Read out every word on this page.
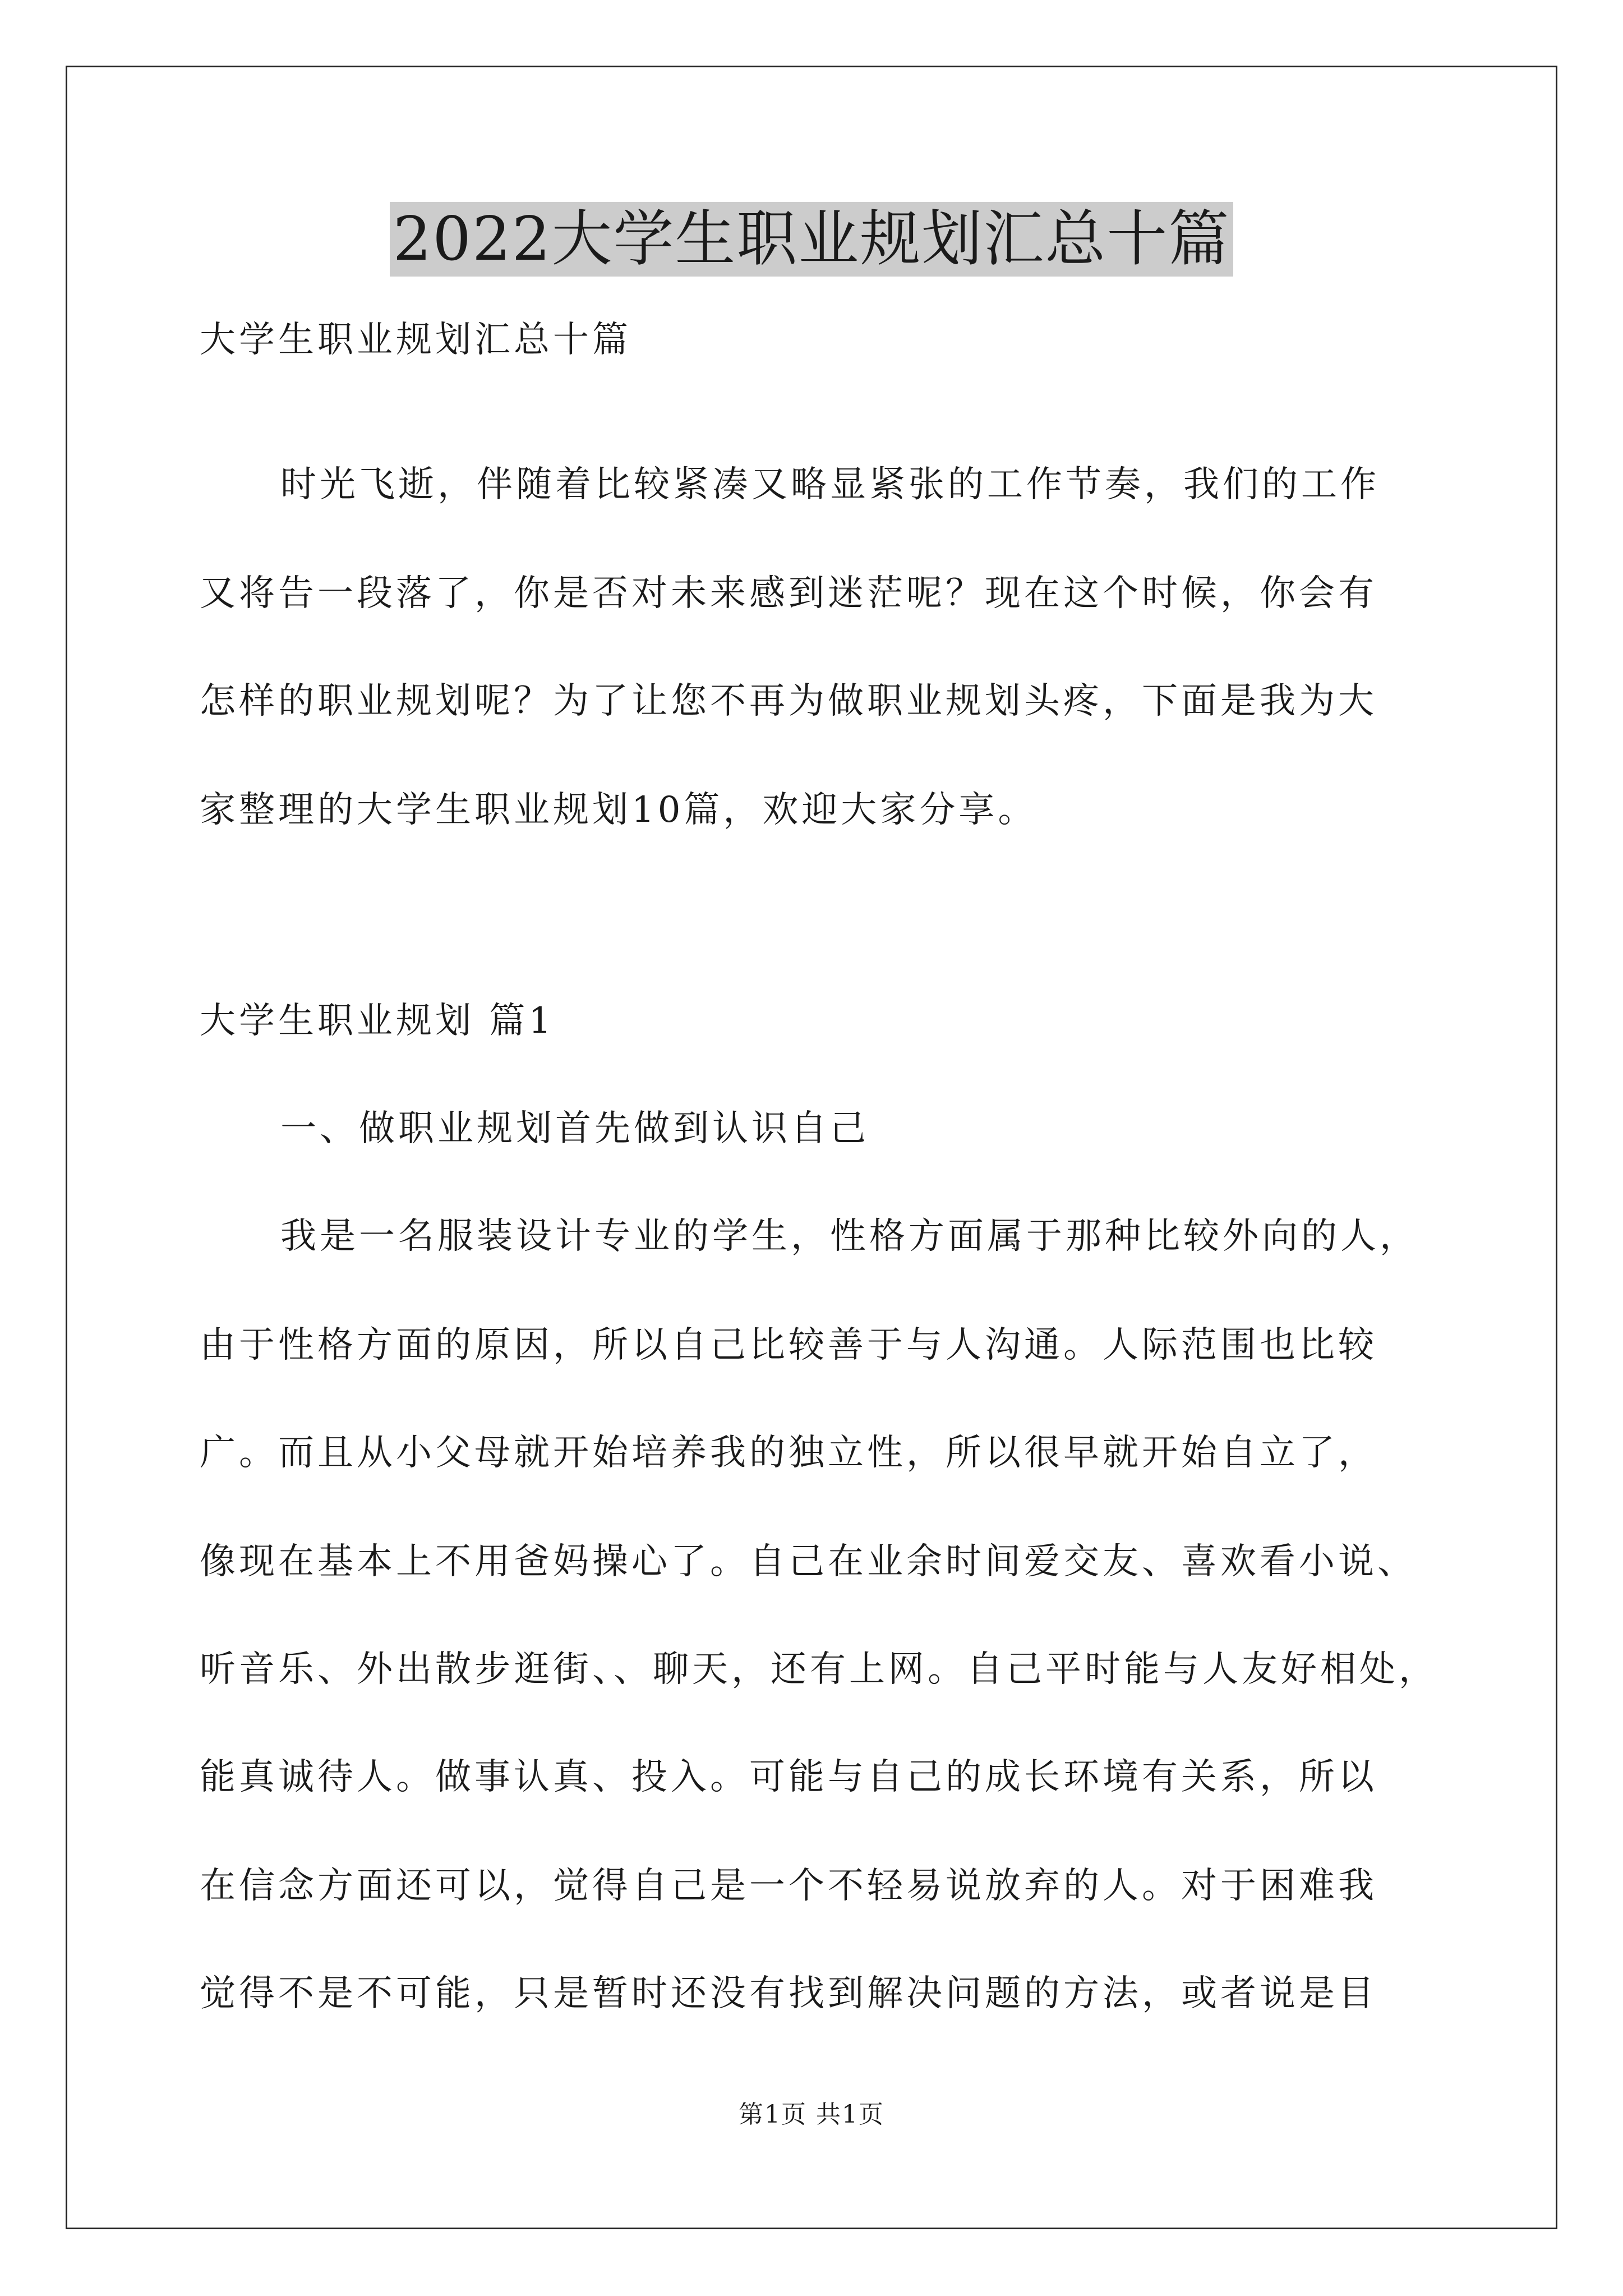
2022大学生职业规划汇总十篇
大学生职业规划汇总十篇
时光飞逝，伴随着比较紧凑又略显紧张的工作节奏，我们的工作
又将告一段落了，你是否对未来感到迷茫呢？现在这个时候，你会有
怎样的职业规划呢？为了让您不再为做职业规划头疼，下面是我为大
家整理的大学生职业规划10篇，欢迎大家分享。
大学生职业规划 篇1
一、做职业规划首先做到认识自己
我是一名服装设计专业的学生，性格方面属于那种比较外向的人，
由于性格方面的原因，所以自己比较善于与人沟通。人际范围也比较
广。而且从小父母就开始培养我的独立性，所以很早就开始自立了，
像现在基本上不用爸妈操心了。自己在业余时间爱交友、喜欢看小说、
听音乐、外出散步逛街、、聊天，还有上网。自己平时能与人友好相处，
能真诚待人。做事认真、投入。可能与自己的成长环境有关系，所以
在信念方面还可以，觉得自己是一个不轻易说放弃的人。对于困难我
觉得不是不可能，只是暂时还没有找到解决问题的方法，或者说是目
第1页 共1页
